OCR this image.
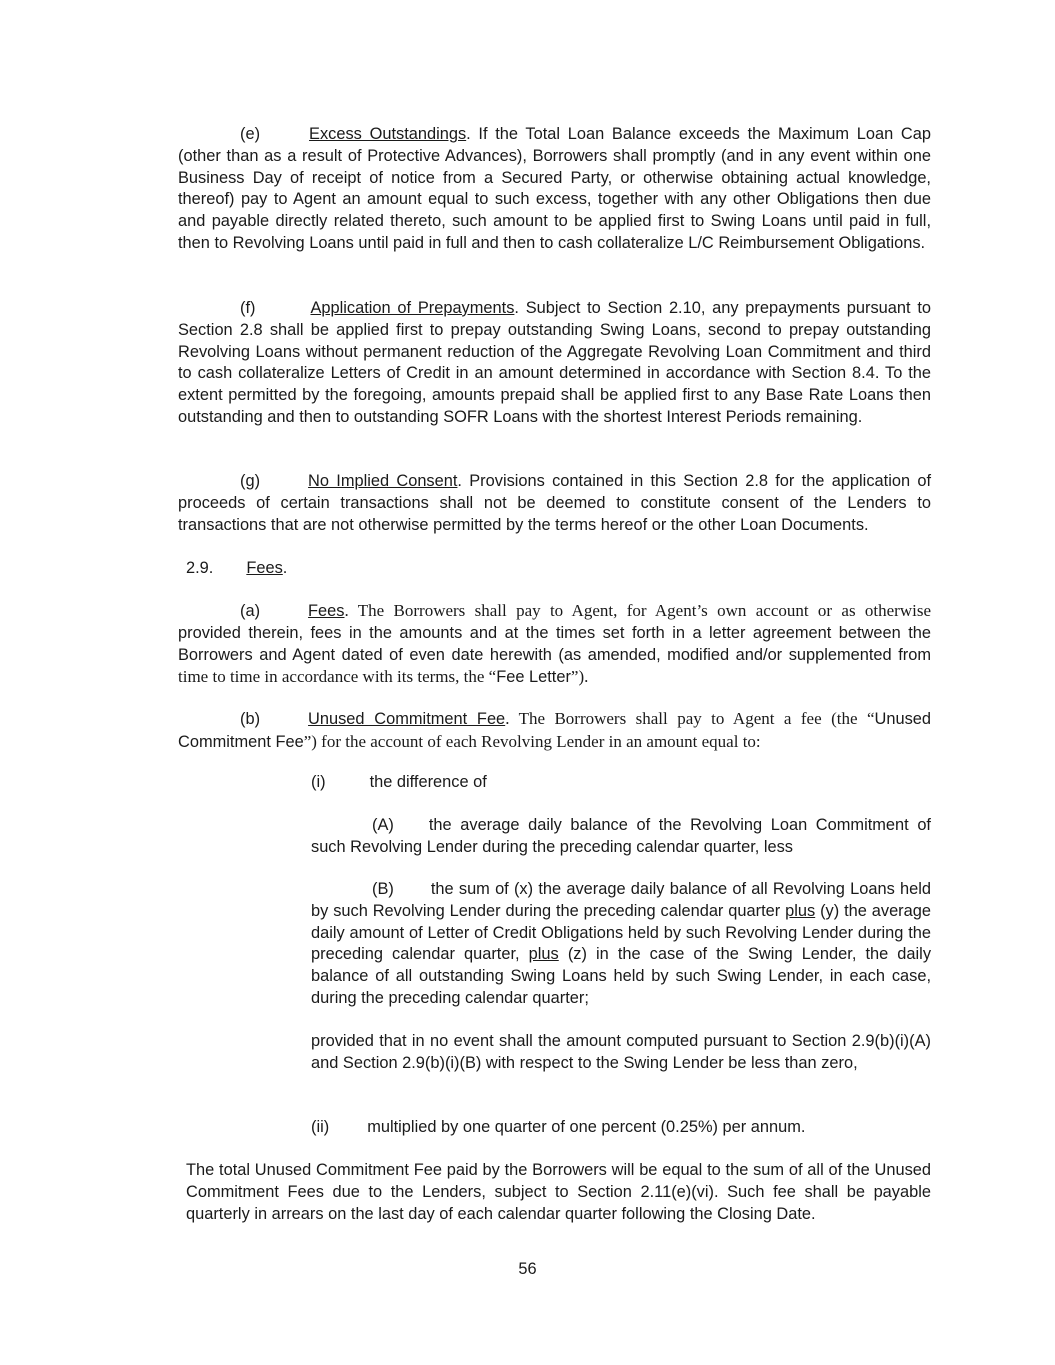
(e)	Excess Outstandings. If the Total Loan Balance exceeds the Maximum Loan Cap (other than as a result of Protective Advances), Borrowers shall promptly (and in any event within one Business Day of receipt of notice from a Secured Party, or otherwise obtaining actual knowledge, thereof) pay to Agent an amount equal to such excess, together with any other Obligations then due and payable directly related thereto, such amount to be applied first to Swing Loans until paid in full, then to Revolving Loans until paid in full and then to cash collateralize L/C Reimbursement Obligations.

(f)	Application of Prepayments. Subject to Section 2.10, any prepayments pursuant to Section 2.8 shall be applied first to prepay outstanding Swing Loans, second to prepay outstanding Revolving Loans without permanent reduction of the Aggregate Revolving Loan Commitment and third to cash collateralize Letters of Credit in an amount determined in accordance with Section 8.4. To the extent permitted by the foregoing, amounts prepaid shall be applied first to any Base Rate Loans then outstanding and then to outstanding SOFR Loans with the shortest Interest Periods remaining.

(g)	No Implied Consent. Provisions contained in this Section 2.8 for the application of proceeds of certain transactions shall not be deemed to constitute consent of the Lenders to transactions that are not otherwise permitted by the terms hereof or the other Loan Documents.

2.9. Fees.

(a)	Fees. The Borrowers shall pay to Agent, for Agent’s own account or as otherwise provided therein, fees in the amounts and at the times set forth in a letter agreement between the Borrowers and Agent dated of even date herewith (as amended, modified and/or supplemented from time to time in accordance with its terms, the “Fee Letter”).

(b)	Unused Commitment Fee. The Borrowers shall pay to Agent a fee (the “Unused Commitment Fee”) for the account of each Revolving Lender in an amount equal to:

(i)	the difference of

(A) the average daily balance of the Revolving Loan Commitment of such Revolving Lender during the preceding calendar quarter, less

(B) the sum of (x) the average daily balance of all Revolving Loans held by such Revolving Lender during the preceding calendar quarter plus (y) the average daily amount of Letter of Credit Obligations held by such Revolving Lender during the preceding calendar quarter, plus (z) in the case of the Swing Lender, the daily balance of all outstanding Swing Loans held by such Swing Lender, in each case, during the preceding calendar quarter;

provided that in no event shall the amount computed pursuant to Section 2.9(b)(i)(A) and Section 2.9(b)(i)(B) with respect to the Swing Lender be less than zero,

(ii) multiplied by one quarter of one percent (0.25%) per annum.

The total Unused Commitment Fee paid by the Borrowers will be equal to the sum of all of the Unused Commitment Fees due to the Lenders, subject to Section 2.11(e)(vi). Such fee shall be payable quarterly in arrears on the last day of each calendar quarter following the Closing Date.

56
